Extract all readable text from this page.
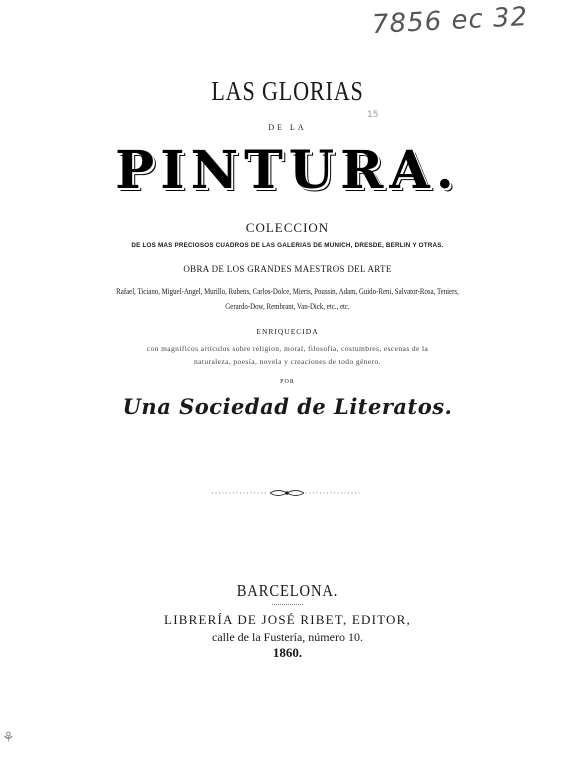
7856 ec 32
LAS GLORIAS
15
DE LA
PINTURA.
COLECCION
DE LOS MAS PRECIOSOS CUADROS DE LAS GALERIAS DE MUNICH, DRESDE, BERLIN Y OTRAS.
OBRA DE LOS GRANDES MAESTROS DEL ARTE
Rafael, Ticiano, Miguel-Angel, Murillo, Rubens, Carlos-Dolce, Mieris, Poussin, Adam, Guido-Reni, Salvator-Rosa, Teniers,
Gerardo-Dow, Rembrant, Van-Dick, etc., etc.
ENRIQUECIDA
con magníficos artículos sobre religion, moral, filosofía, costumbres, escenas de la
naturaleza, poesía, novela y creaciones de todo género.
POR
Una Sociedad de Literatos.
BARCELONA.
LIBRERÍA DE JOSÉ RIBET, EDITOR,
calle de la Fustería, número 10.
1860.
⚘
